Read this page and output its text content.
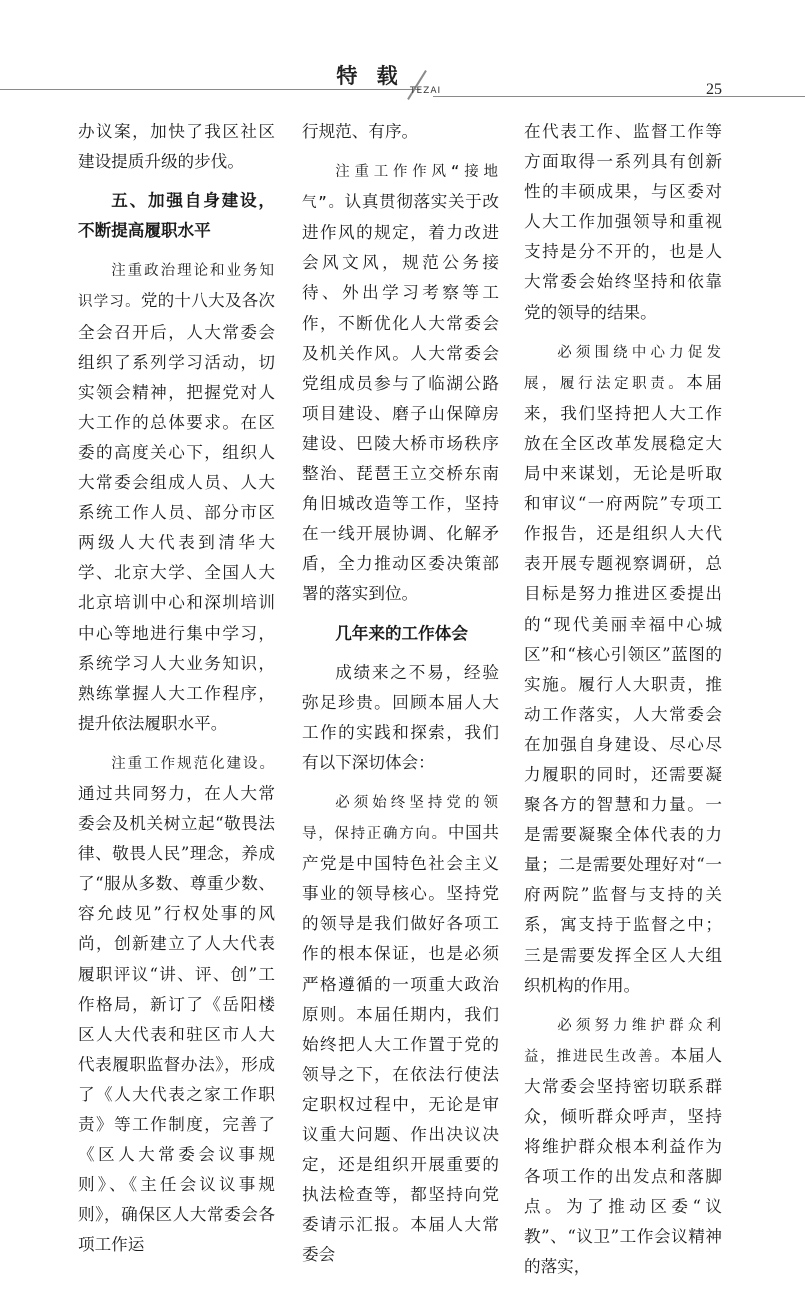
特 载
TEZAI	25

办议案，加快了我区社区建设提质升级的步伐。

五、加强自身建设，不断提高履职水平

注重政治理论和业务知识学习。党的十八大及各次全会召开后，人大常委会组织了系列学习活动，切实领会精神，把握党对人大工作的总体要求。在区委的高度关心下，组织人大常委会组成人员、人大系统工作人员、部分市区两级人大代表到清华大学、北京大学、全国人大北京培训中心和深圳培训中心等地进行集中学习，系统学习人大业务知识，熟练掌握人大工作程序，提升依法履职水平。

注重工作规范化建设。通过共同努力，在人大常委会及机关树立起“敬畏法律、敬畏人民”理念，养成了“服从多数、尊重少数、容允歧见”行权处事的风尚，创新建立了人大代表履职评议“讲、评、创”工作格局，新订了《岳阳楼区人大代表和驻区市人大代表履职监督办法》，形成了《人大代表之家工作职责》等工作制度，完善了《区人大常委会议事规则》、《主任会议议事规则》，确保区人大常委会各项工作运

行规范、有序。

注重工作作风“接地气”。认真贯彻落实关于改进作风的规定，着力改进会风文风，规范公务接待、外出学习考察等工作，不断优化人大常委会及机关作风。人大常委会党组成员参与了临湖公路项目建设、磨子山保障房建设、巴陵大桥市场秩序整治、琵琶王立交桥东南角旧城改造等工作，坚持在一线开展协调、化解矛盾，全力推动区委决策部署的落实到位。

几年来的工作体会

成绩来之不易，经验弥足珍贵。回顾本届人大工作的实践和探索，我们有以下深切体会：

必须始终坚持党的领导，保持正确方向。中国共产党是中国特色社会主义事业的领导核心。坚持党的领导是我们做好各项工作的根本保证，也是必须严格遵循的一项重大政治原则。本届任期内，我们始终把人大工作置于党的领导之下，在依法行使法定职权过程中，无论是审议重大问题、作出决议决定，还是组织开展重要的执法检查等，都坚持向党委请示汇报。本届人大常委会

在代表工作、监督工作等方面取得一系列具有创新性的丰硕成果，与区委对人大工作加强领导和重视支持是分不开的，也是人大常委会始终坚持和依靠党的领导的结果。

必须围绕中心力促发展，履行法定职责。本届来，我们坚持把人大工作放在全区改革发展稳定大局中来谋划，无论是听取和审议“一府两院”专项工作报告，还是组织人大代表开展专题视察调研，总目标是努力推进区委提出的“现代美丽幸福中心城区”和“核心引领区”蓝图的实施。履行人大职责，推动工作落实，人大常委会在加强自身建设、尽心尽力履职的同时，还需要凝聚各方的智慧和力量。一是需要凝聚全体代表的力量；二是需要处理好对“一府两院”监督与支持的关系，寓支持于监督之中；三是需要发挥全区人大组织机构的作用。

必须努力维护群众利益，推进民生改善。本届人大常委会坚持密切联系群众，倾听群众呼声，坚持将维护群众根本利益作为各项工作的出发点和落脚点。为了推动区委“议教”、“议卫”工作会议精神的落实，
